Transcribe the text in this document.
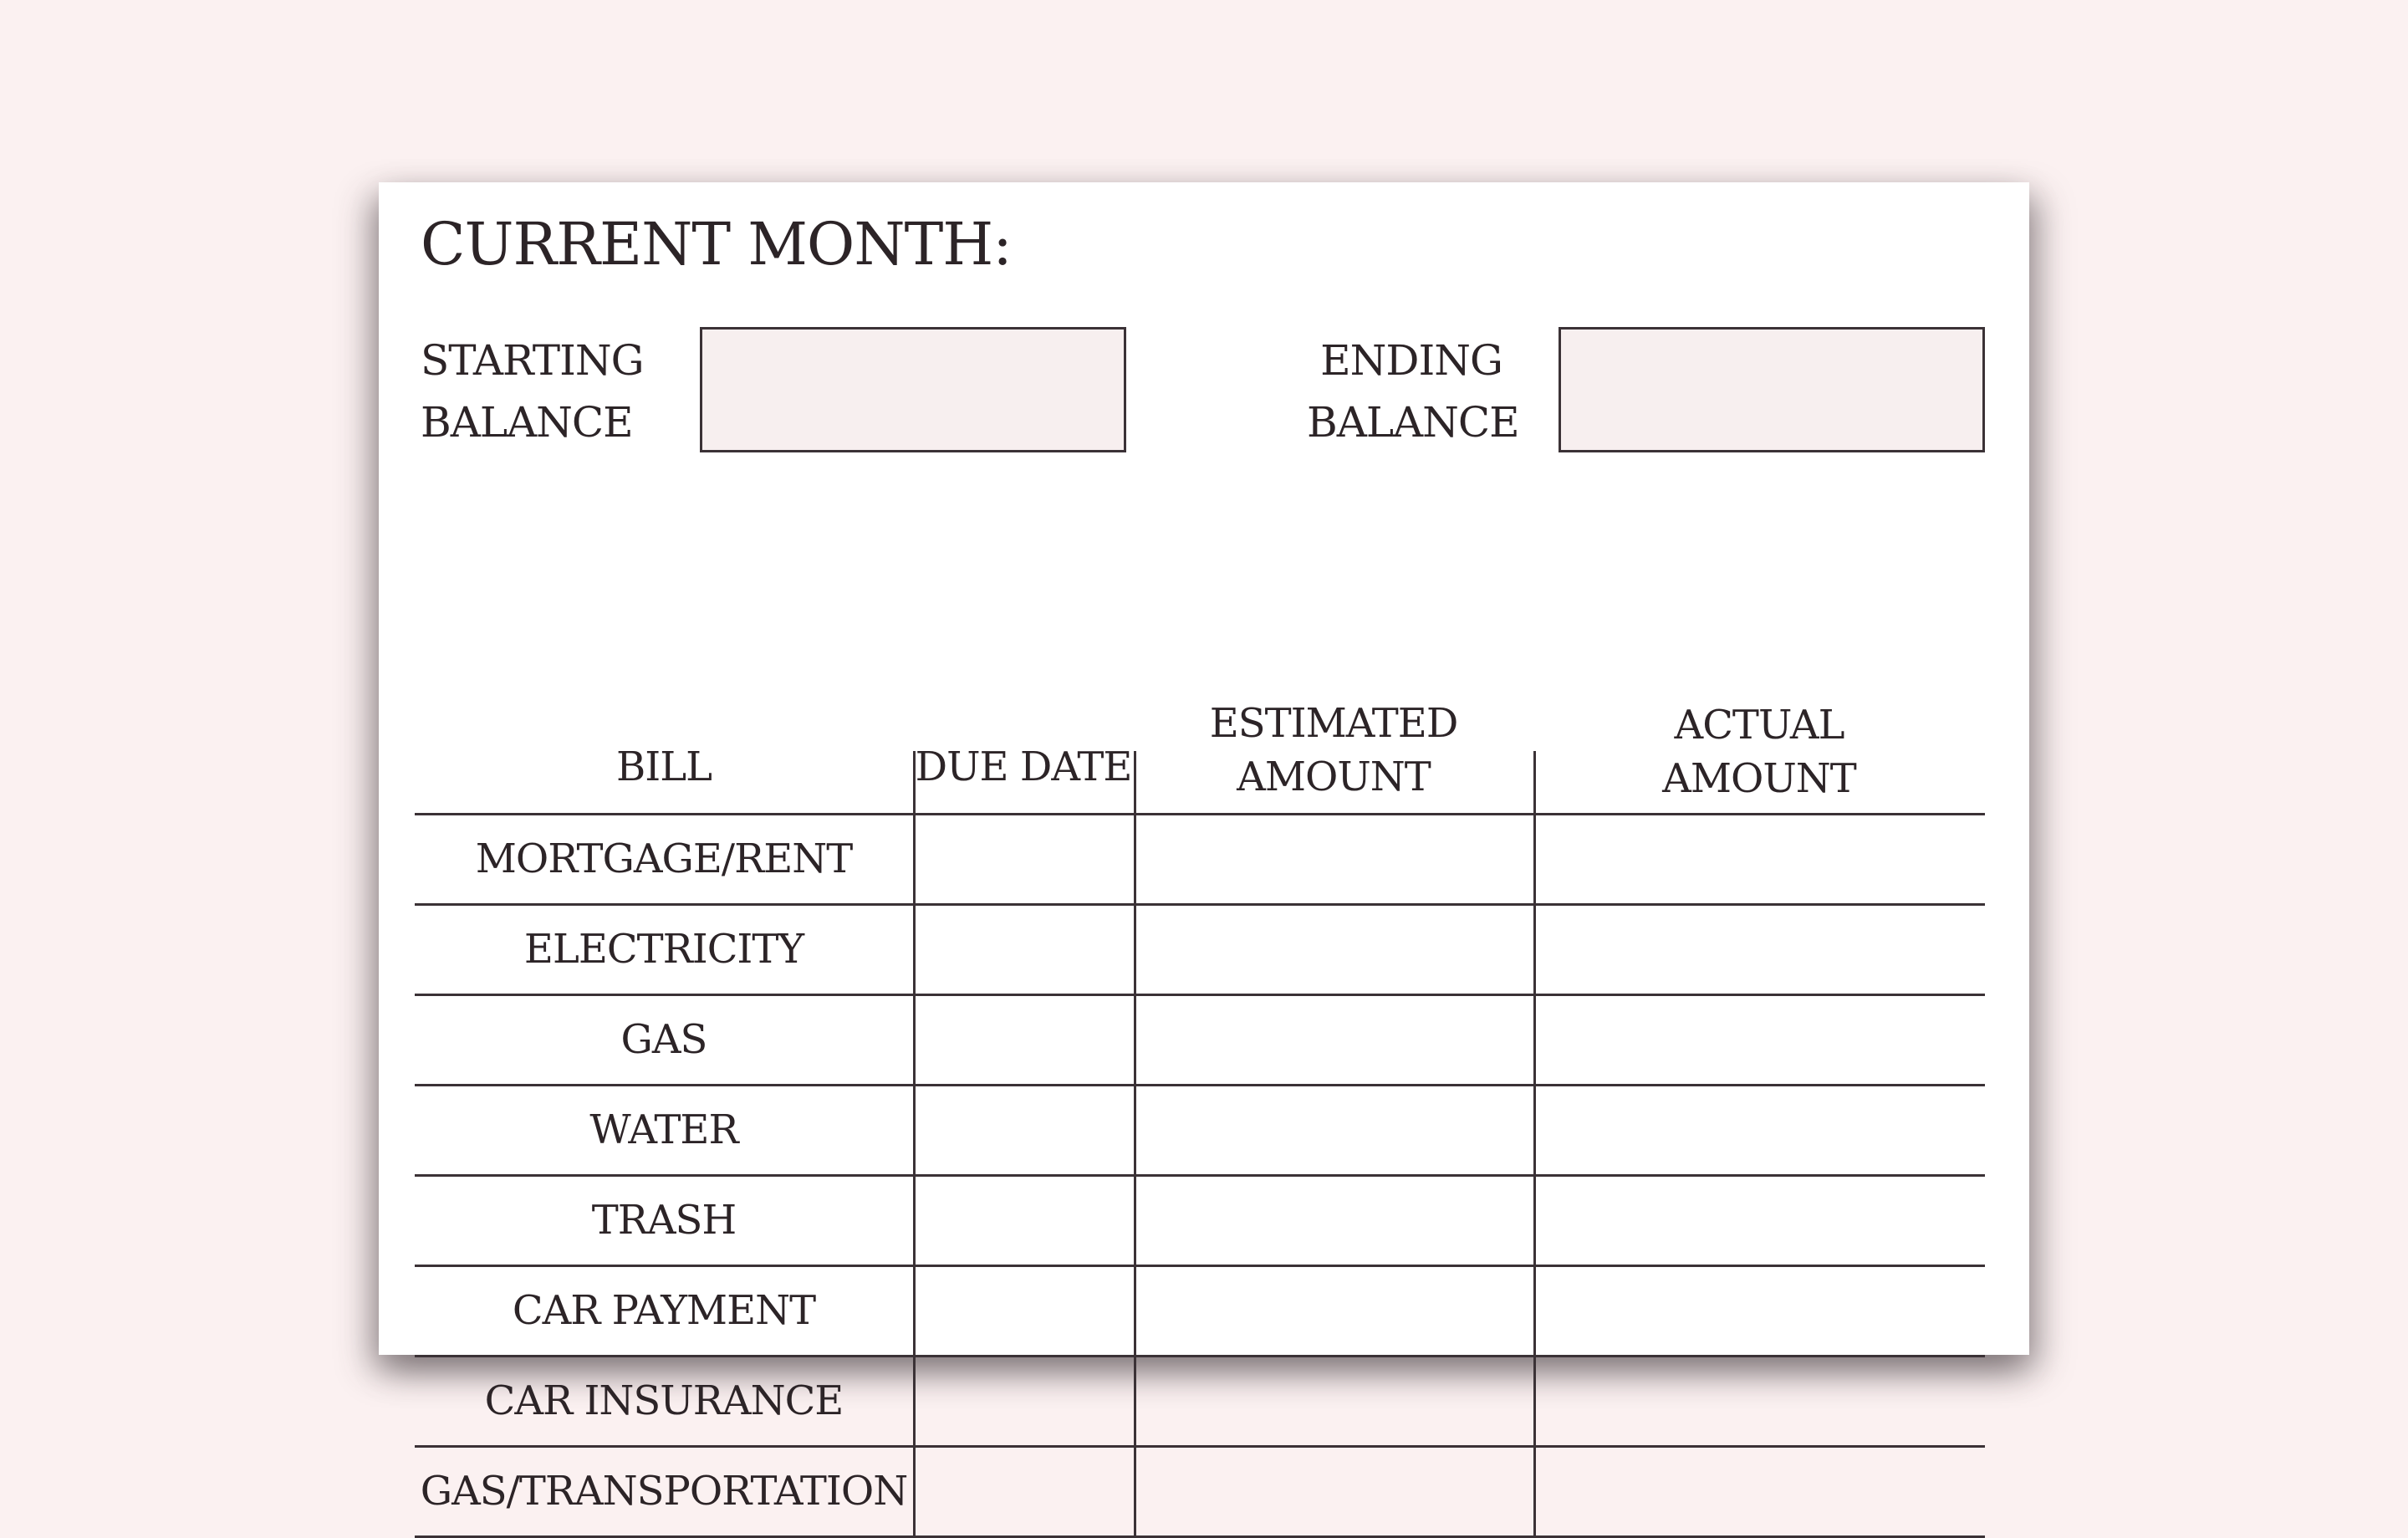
CURRENT MONTH:
STARTING
BALANCE
ENDING
BALANCE
BILL	DUE DATE
ESTIMATED
AMOUNT
ACTUAL
AMOUNT
MORTGAGE/RENT
ELECTRICITY
GAS
WATER
TRASH
CAR PAYMENT
CAR INSURANCE
GAS/TRANSPORTATION
